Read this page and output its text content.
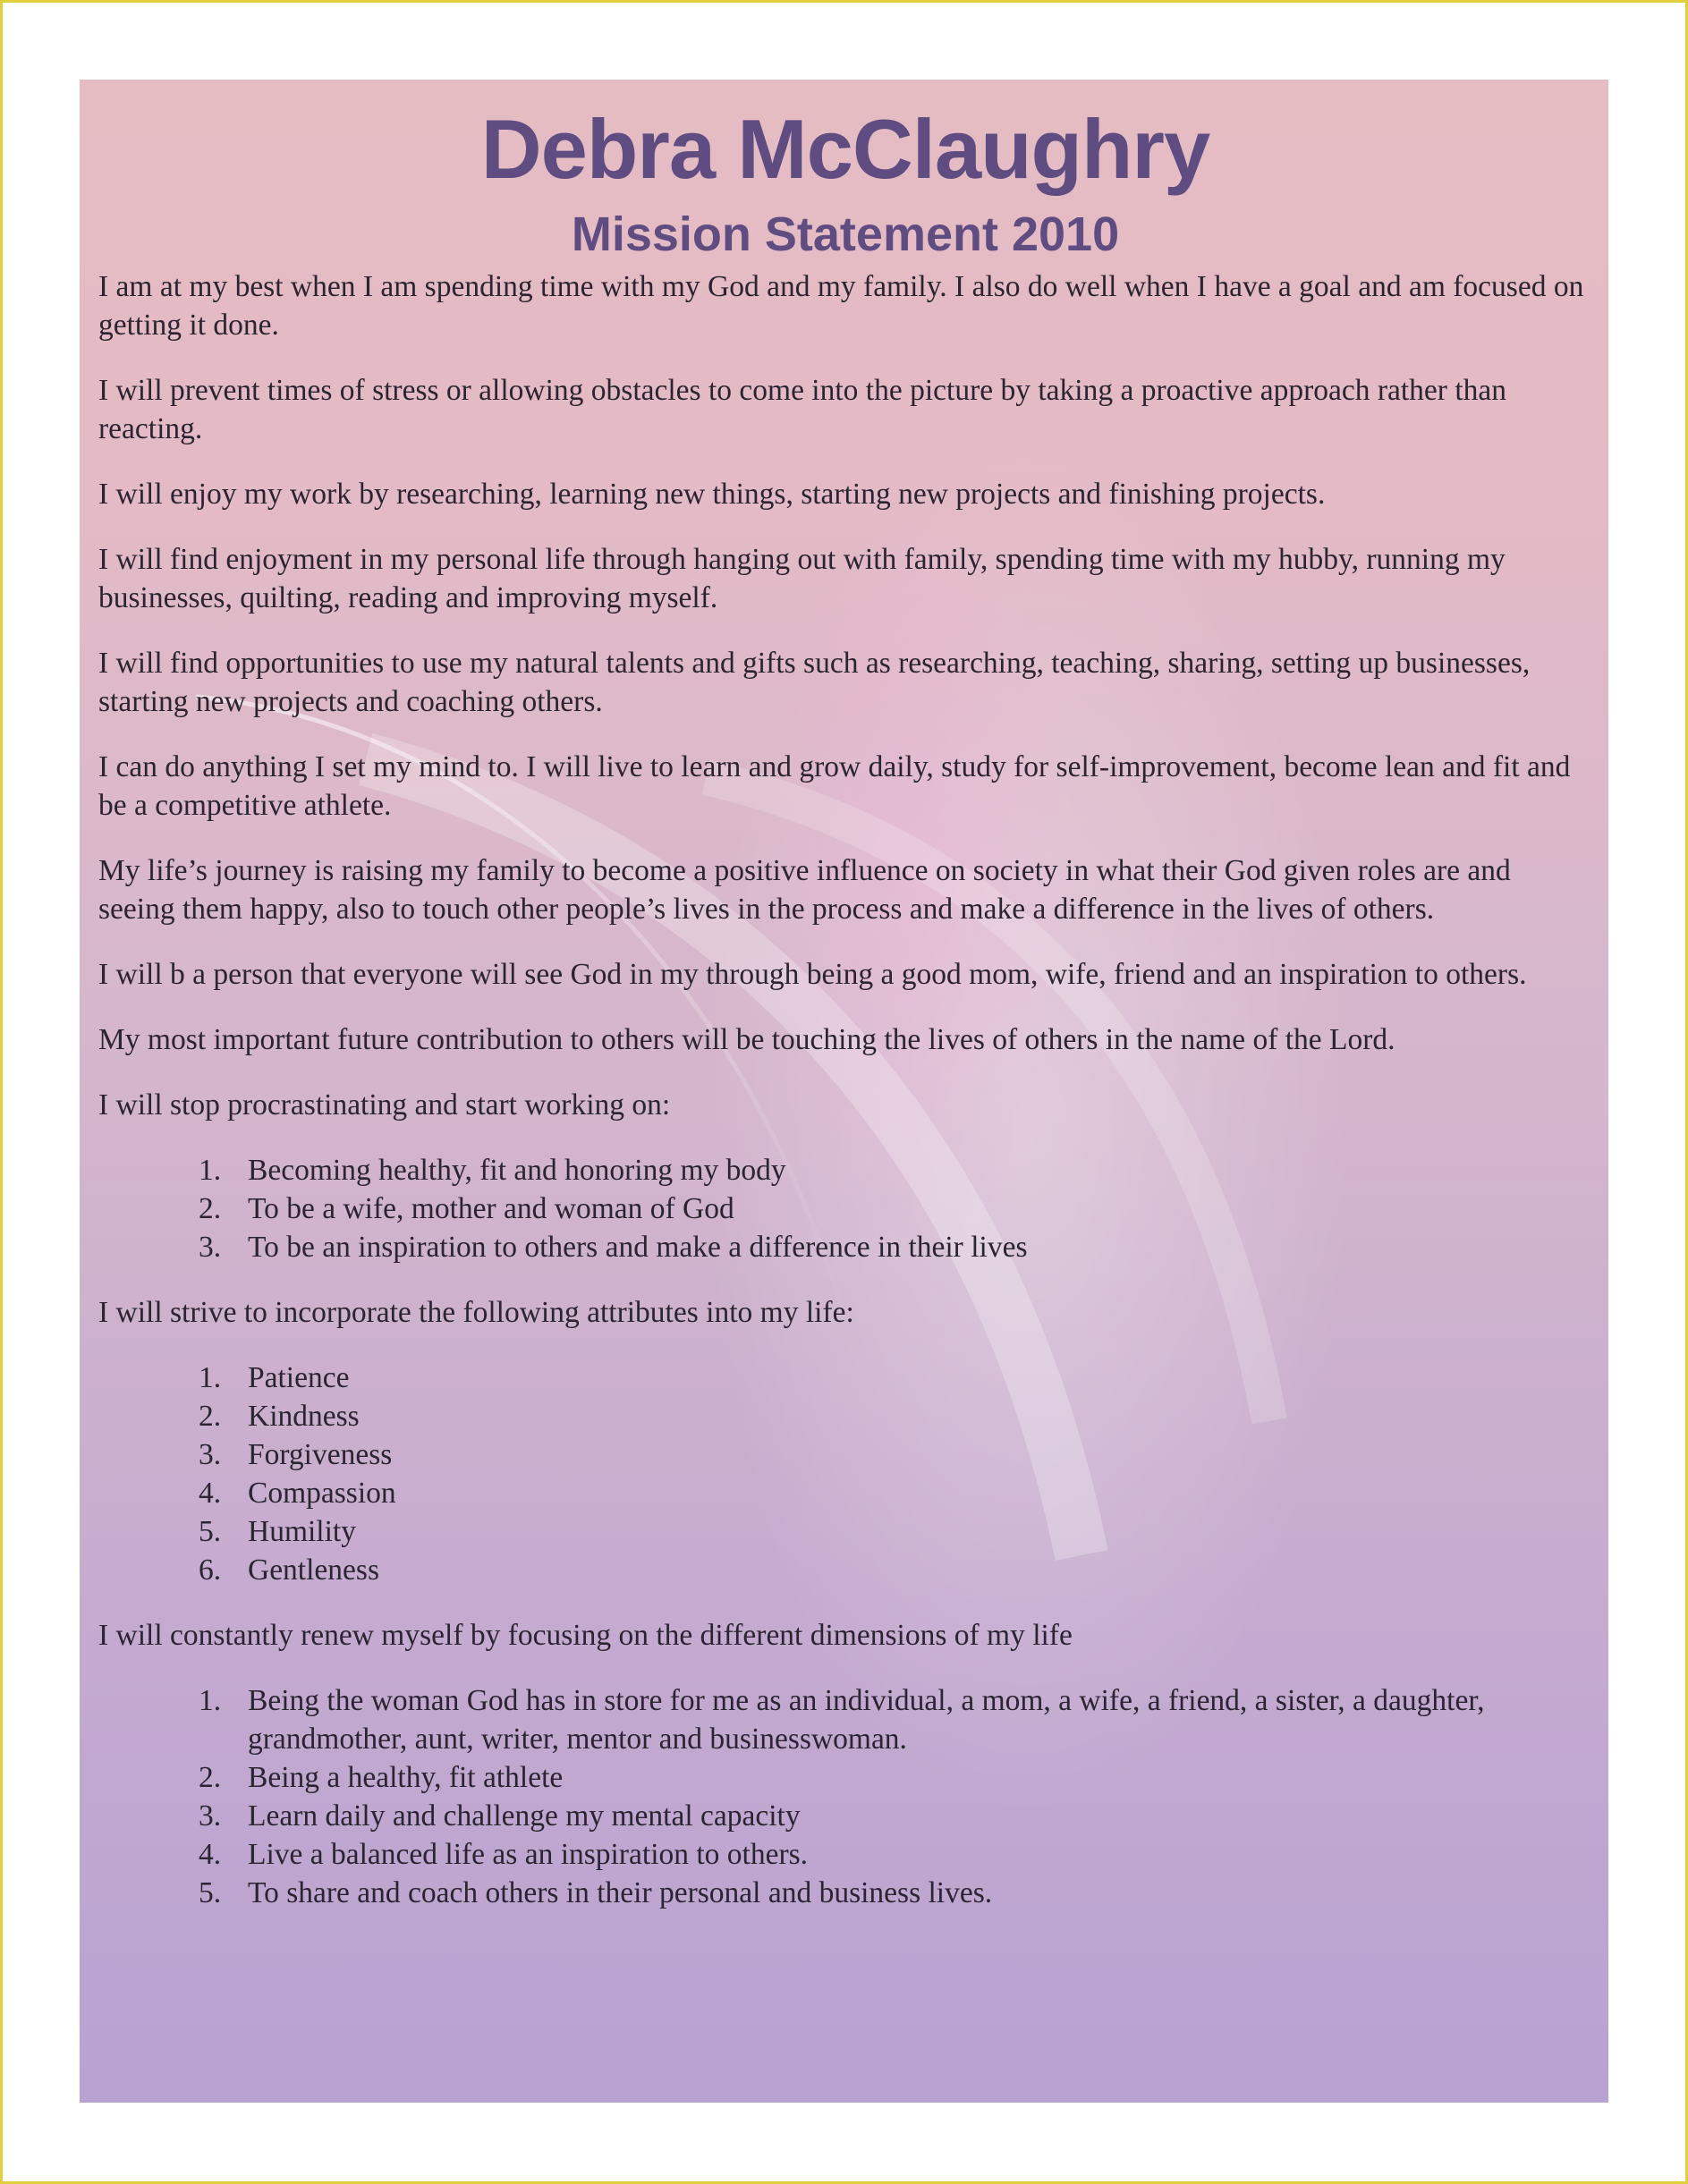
Debra McClaughry
Mission Statement 2010

I am at my best when I am spending time with my God and my family. I also do well when I have a goal and am focused on getting it done.

I will prevent times of stress or allowing obstacles to come into the picture by taking a proactive approach rather than reacting.

I will enjoy my work by researching, learning new things, starting new projects and finishing projects.

I will find enjoyment in my personal life through hanging out with family, spending time with my hubby, running my businesses, quilting, reading and improving myself.

I will find opportunities to use my natural talents and gifts such as researching, teaching, sharing, setting up businesses, starting new projects and coaching others.

I can do anything I set my mind to. I will live to learn and grow daily, study for self-improvement, become lean and fit and be a competitive athlete.

My life’s journey is raising my family to become a positive influence on society in what their God given roles are and seeing them happy, also to touch other people’s lives in the process and make a difference in the lives of others.

I will b a person that everyone will see God in my through being a good mom, wife, friend and an inspiration to others.

My most important future contribution to others will be touching the lives of others in the name of the Lord.

I will stop procrastinating and start working on:

1. Becoming healthy, fit and honoring my body
2. To be a wife, mother and woman of God
3. To be an inspiration to others and make a difference in their lives

I will strive to incorporate the following attributes into my life:

1. Patience
2. Kindness
3. Forgiveness
4. Compassion
5. Humility
6. Gentleness

I will constantly renew myself by focusing on the different dimensions of my life

1. Being the woman God has in store for me as an individual, a mom, a wife, a friend, a sister, a daughter, grandmother, aunt, writer, mentor and businesswoman.
2. Being a healthy, fit athlete
3. Learn daily and challenge my mental capacity
4. Live a balanced life as an inspiration to others.
5. To share and coach others in their personal and business lives.
